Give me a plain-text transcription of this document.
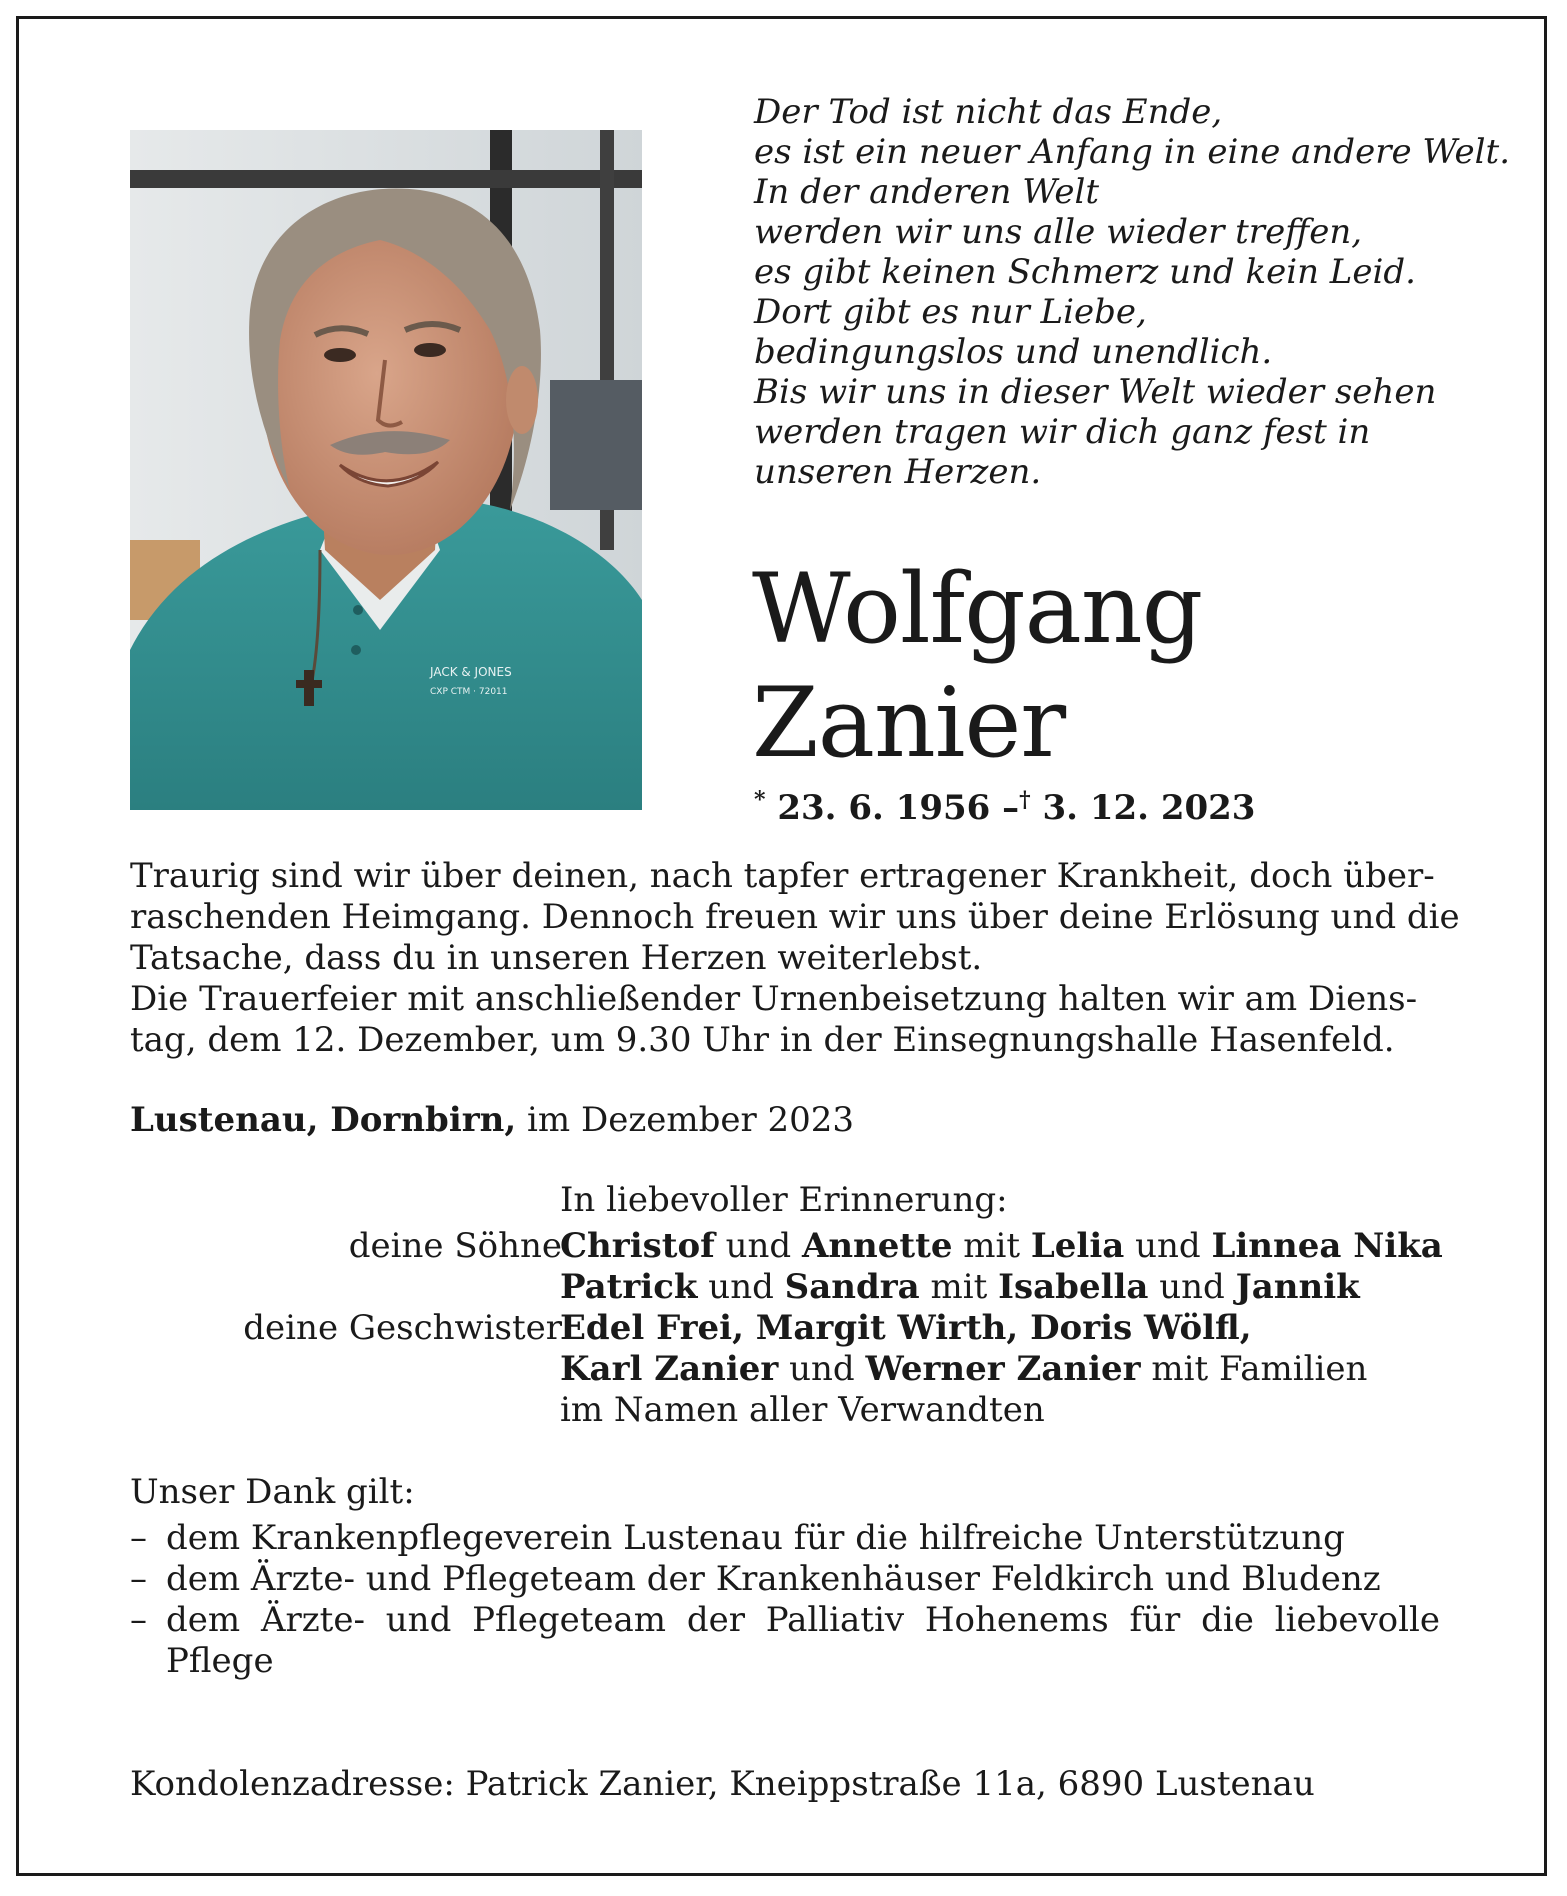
JACK & JONES
CXP CTM · 72011
Der Tod ist nicht das Ende,
es ist ein neuer Anfang in eine andere Welt.
In der anderen Welt
werden wir uns alle wieder treffen,
es gibt keinen Schmerz und kein Leid.
Dort gibt es nur Liebe,
bedingungslos und unendlich.
Bis wir uns in dieser Welt wieder sehen
werden tragen wir dich ganz fest in
unseren Herzen.
Wolfgang
Zanier
* 23. 6. 1956 –† 3. 12. 2023
Traurig sind wir über deinen, nach tapfer ertragener Krankheit, doch über-
raschenden Heimgang. Dennoch freuen wir uns über deine Erlösung und die
Tatsache, dass du in unseren Herzen weiterlebst.
Die Trauerfeier mit anschließender Urnenbeisetzung halten wir am Diens-
tag, dem 12. Dezember, um 9.30 Uhr in der Einsegnungshalle Hasenfeld.
Lustenau, Dornbirn, im Dezember 2023
In liebevoller Erinnerung:
deine Söhne
Christof und Annette mit Lelia und Linnea Nika
Patrick und Sandra mit Isabella und Jannik
deine Geschwister
Edel Frei, Margit Wirth, Doris Wölfl,
Karl Zanier und Werner Zanier mit Familien
im Namen aller Verwandten
Unser Dank gilt:
– dem Krankenpflegeverein Lustenau für die hilfreiche Unterstützung
– dem Ärzte- und Pflegeteam der Krankenhäuser Feldkirch und Bludenz
– dem Ärzte- und Pflegeteam der Palliativ Hohenems für die liebevolle Pflege
Kondolenzadresse: Patrick Zanier, Kneippstraße 11a, 6890 Lustenau
